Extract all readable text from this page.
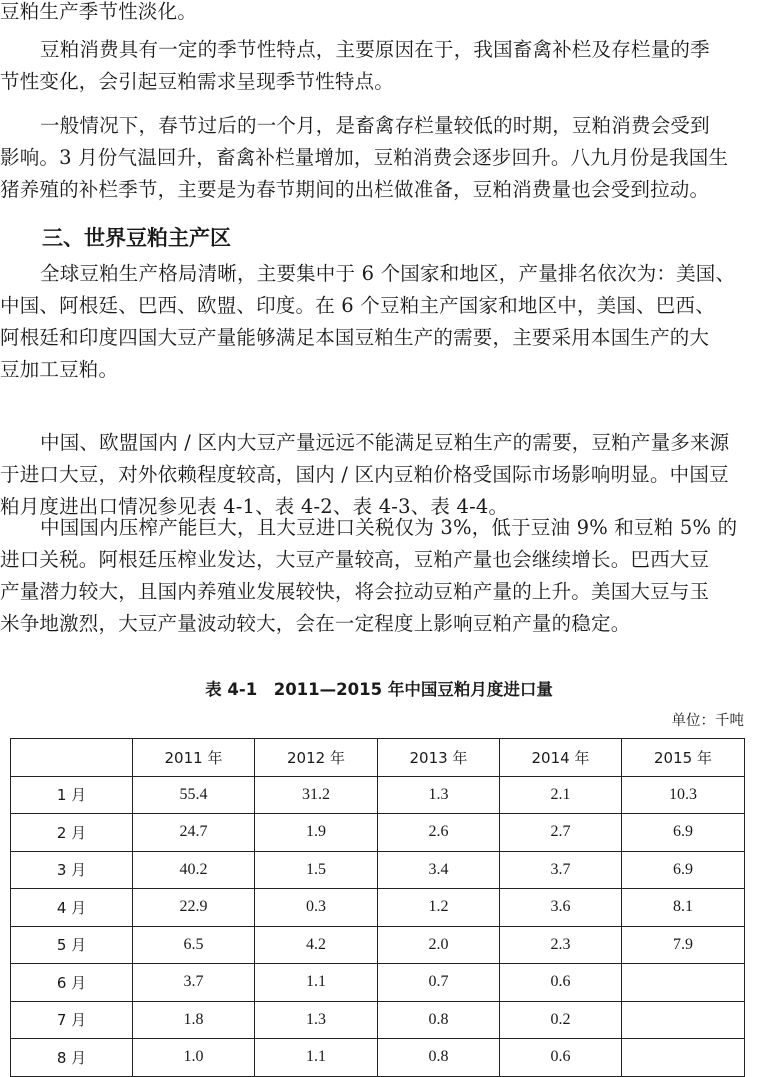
豆粕生产季节性淡化。

豆粕消费具有一定的季节性特点，主要原因在于，我国畜禽补栏及存栏量的季
节性变化，会引起豆粕需求呈现季节性特点。

一般情况下，春节过后的一个月，是畜禽存栏量较低的时期，豆粕消费会受到
影响。3 月份气温回升，畜禽补栏量增加，豆粕消费会逐步回升。八九月份是我国生
猪养殖的补栏季节，主要是为春节期间的出栏做准备，豆粕消费量也会受到拉动。

三、世界豆粕主产区

全球豆粕生产格局清晰，主要集中于 6 个国家和地区，产量排名依次为：美国、
中国、阿根廷、巴西、欧盟、印度。在 6 个豆粕主产国家和地区中，美国、巴西、
阿根廷和印度四国大豆产量能够满足本国豆粕生产的需要，主要采用本国生产的大
豆加工豆粕。

中国、欧盟国内 / 区内大豆产量远远不能满足豆粕生产的需要，豆粕产量多来源
于进口大豆，对外依赖程度较高，国内 / 区内豆粕价格受国际市场影响明显。中国豆
粕月度进出口情况参见表 4-1、表 4-2、表 4-3、表 4-4。

中国国内压榨产能巨大，且大豆进口关税仅为 3%，低于豆油 9% 和豆粕 5% 的
进口关税。阿根廷压榨业发达，大豆产量较高，豆粕产量也会继续增长。巴西大豆
产量潜力较大，且国内养殖业发展较快，将会拉动豆粕产量的上升。美国大豆与玉
米争地激烈，大豆产量波动较大，会在一定程度上影响豆粕产量的稳定。

表 4-1　2011—2015 年中国豆粕月度进口量
单位：千吨
	2011 年	2012 年	2013 年	2014 年	2015 年
1 月	55.4	31.2	1.3	2.1	10.3
2 月	24.7	1.9	2.6	2.7	6.9
3 月	40.2	1.5	3.4	3.7	6.9
4 月	22.9	0.3	1.2	3.6	8.1
5 月	6.5	4.2	2.0	2.3	7.9
6 月	3.7	1.1	0.7	0.6	
7 月	1.8	1.3	0.8	0.2	
8 月	1.0	1.1	0.8	0.6	
